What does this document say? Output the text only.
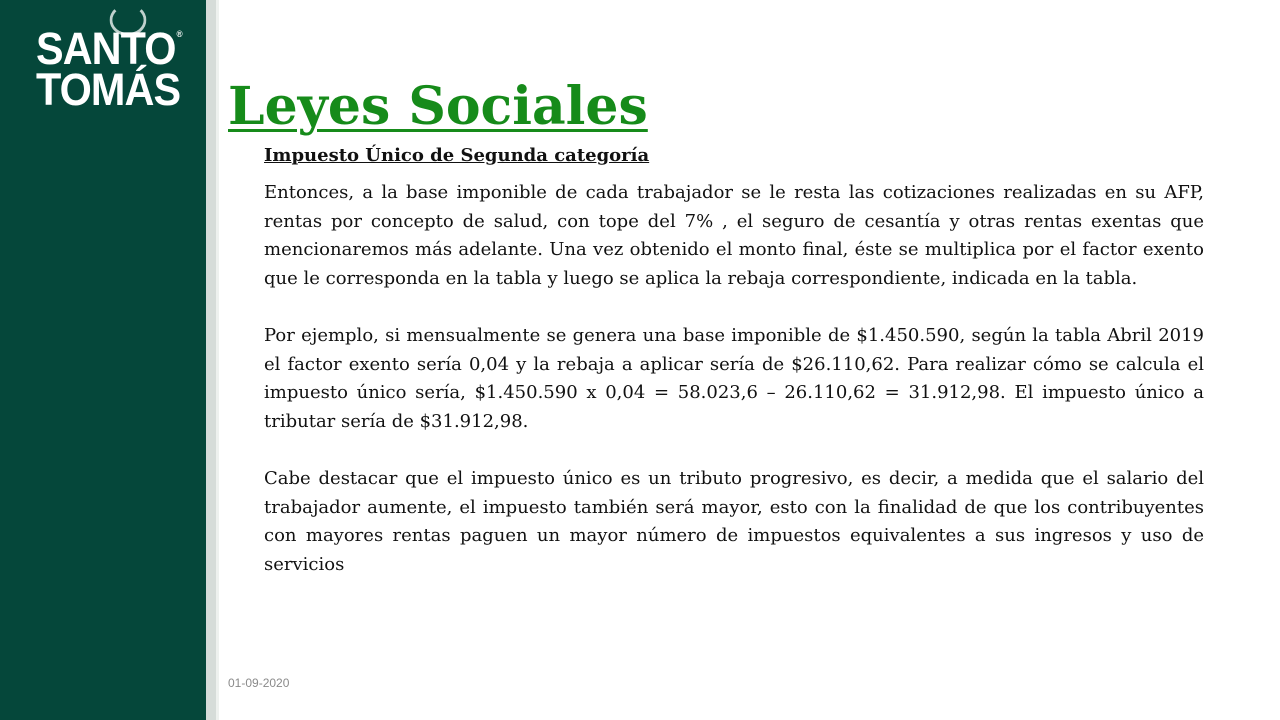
SANTO®
TOMÁS Leyes Sociales

Impuesto Único de Segunda categoría

Entonces, a la base imponible de cada trabajador se le resta las cotizaciones realizadas en su AFP, rentas por concepto de salud, con tope del 7% , el seguro de cesantía y otras rentas exentas que mencionaremos más adelante. Una vez obtenido el monto final, éste se multiplica por el factor exento que le corresponda en la tabla y luego se aplica la rebaja correspondiente, indicada en la tabla.

Por ejemplo, si mensualmente se genera una base imponible de $1.450.590, según la tabla Abril 2019 el factor exento sería 0,04 y la rebaja a aplicar sería de $26.110,62. Para realizar cómo se calcula el impuesto único sería, $1.450.590 x 0,04 = 58.023,6 – 26.110,62 = 31.912,98. El impuesto único a tributar sería de $31.912,98.

Cabe destacar que el impuesto único es un tributo progresivo, es decir, a medida que el salario del trabajador aumente, el impuesto también será mayor, esto con la finalidad de que los contribuyentes con mayores rentas paguen un mayor número de impuestos equivalentes a sus ingresos y uso de servicios

01-09-2020
